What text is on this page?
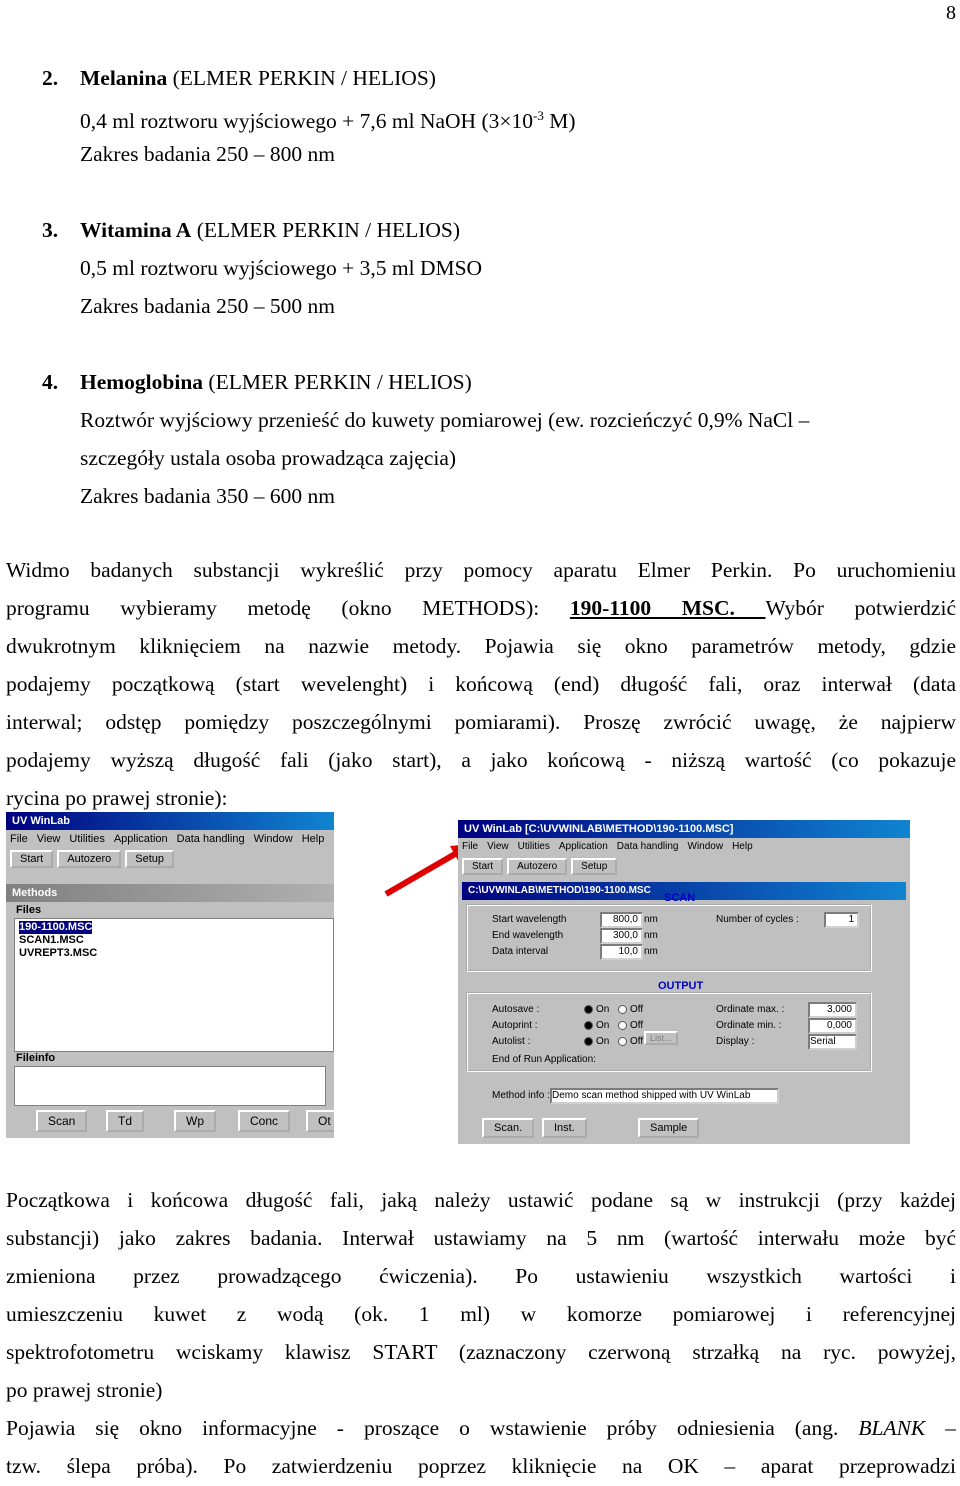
8
2. Melanina (ELMER PERKIN / HELIOS)
0,4 ml roztworu wyjściowego + 7,6 ml NaOH ($3\times 10^{-3}$ M)
Zakres badania 250 – 800 nm
3. Witamina A (ELMER PERKIN / HELIOS)
0,5 ml roztworu wyjściowego + 3,5 ml DMSO
Zakres badania 250 – 500 nm
4. Hemoglobina (ELMER PERKIN / HELIOS)
Roztwór wyjściowy przenieść do kuwety pomiarowej (ew. rozcieńczyć 0,9% NaCl –
szczegóły ustala osoba prowadząca zajęcia)
Zakres badania 350 – 600 nm
Widmo badanych substancji wykreślić przy pomocy aparatu Elmer Perkin. Po uruchomieniu
programu wybieramy metodę (okno METHODS): 190-1100 MSC. Wybór potwierdzić
dwukrotnym kliknięciem na nazwie metody. Pojawia się okno parametrów metody, gdzie
podajemy początkową (start wevelenght) i końcową (end) długość fali, oraz interwał (data
interwal; odstęp pomiędzy poszczególnymi pomiarami). Proszę zwrócić uwagę, że najpierw
podajemy wyższą długość fali (jako start), a jako końcową - niższą wartość (co pokazuje
rycina po prawej stronie):
UV WinLab
File View Utilities Application Data handling Window Help
Start Autozero Setup
Methods
Files
190-1100.MSC
SCAN1.MSC
UVREPT3.MSC
Fileinfo
Scan	Td	Wp	Conc	Ot
UV WinLab [C:\UVWINLAB\METHOD\190-1100.MSC]
File View Utilities Application Data handling Window Help
Start Autozero Setup
C:\UVWINLAB\METHOD\190-1100.MSC
SCAN
Start wavelength	800,0 nm
End wavelength	300,0 nm
Data interval	10,0 nm
Number of cycles :	1
OUTPUT
Autosave :	On	Off
Autoprint :	On	Off
Autolist :	On	Off List...
End of Run Application:
Ordinate max. :	3,000
Ordinate min. :	0,000
Display :	Serial
Method info : Demo scan method shipped with UV WinLab
Scan.	Inst.	Sample
Początkowa i końcowa długość fali, jaką należy ustawić podane są w instrukcji (przy każdej
substancji) jako zakres badania. Interwał ustawiamy na 5 nm (wartość interwału może być
zmieniona przez prowadzącego ćwiczenia). Po ustawieniu wszystkich wartości i
umieszczeniu kuwet z wodą (ok. 1 ml) w komorze pomiarowej i referencyjnej
spektrofotometru wciskamy klawisz START (zaznaczony czerwoną strzałką na ryc. powyżej,
po prawej stronie)
Pojawia się okno informacyjne - proszące o wstawienie próby odniesienia (ang. BLANK –
tzw. ślepa próba). Po zatwierdzeniu poprzez kliknięcie na OK – aparat przeprowadzi
